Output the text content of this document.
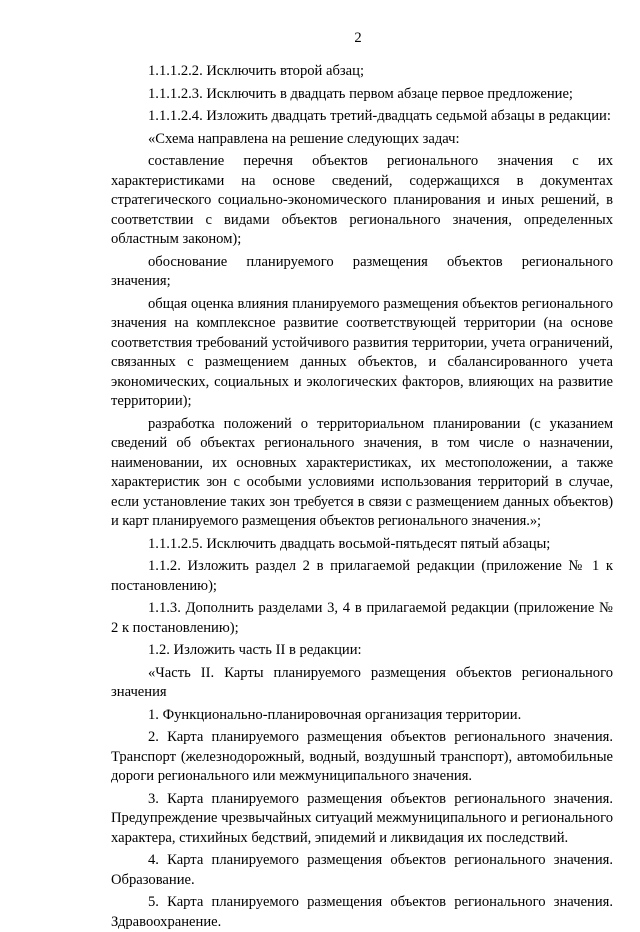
2

1.1.1.2.2. Исключить второй абзац;

1.1.1.2.3. Исключить в двадцать первом абзаце первое предложение;

1.1.1.2.4. Изложить двадцать третий-двадцать седьмой абзацы в редакции:

«Схема направлена на решение следующих задач:

составление перечня объектов регионального значения с их характеристиками на основе сведений, содержащихся в документах стратегического социально-экономического планирования и иных решений, в соответствии с видами объектов регионального значения, определенных областным законом);

обоснование планируемого размещения объектов регионального значения;

общая оценка влияния планируемого размещения объектов регионального значения на комплексное развитие соответствующей территории (на основе соответствия требований устойчивого развития территории, учета ограничений, связанных с размещением данных объектов, и сбалансированного учета экономических, социальных и экологических факторов, влияющих на развитие территории);

разработка положений о территориальном планировании (с указанием сведений об объектах регионального значения, в том числе о назначении, наименовании, их основных характеристиках, их местоположении, а также характеристик зон с особыми условиями использования территорий в случае, если установление таких зон требуется в связи с размещением данных объектов) и карт планируемого размещения объектов регионального значения.»;

1.1.1.2.5. Исключить двадцать восьмой-пятьдесят пятый абзацы;

1.1.2. Изложить раздел 2 в прилагаемой редакции (приложение № 1 к постановлению);

1.1.3. Дополнить разделами 3, 4 в прилагаемой редакции (приложение № 2 к постановлению);

1.2. Изложить часть II в редакции:

«Часть II. Карты планируемого размещения объектов регионального значения

1. Функционально-планировочная организация территории.

2. Карта планируемого размещения объектов регионального значения. Транспорт (железнодорожный, водный, воздушный транспорт), автомобильные дороги регионального или межмуниципального значения.

3. Карта планируемого размещения объектов регионального значения. Предупреждение чрезвычайных ситуаций межмуниципального и регионального характера, стихийных бедствий, эпидемий и ликвидация их последствий.

4. Карта планируемого размещения объектов регионального значения. Образование.

5. Карта планируемого размещения объектов регионального значения. Здравоохранение.
